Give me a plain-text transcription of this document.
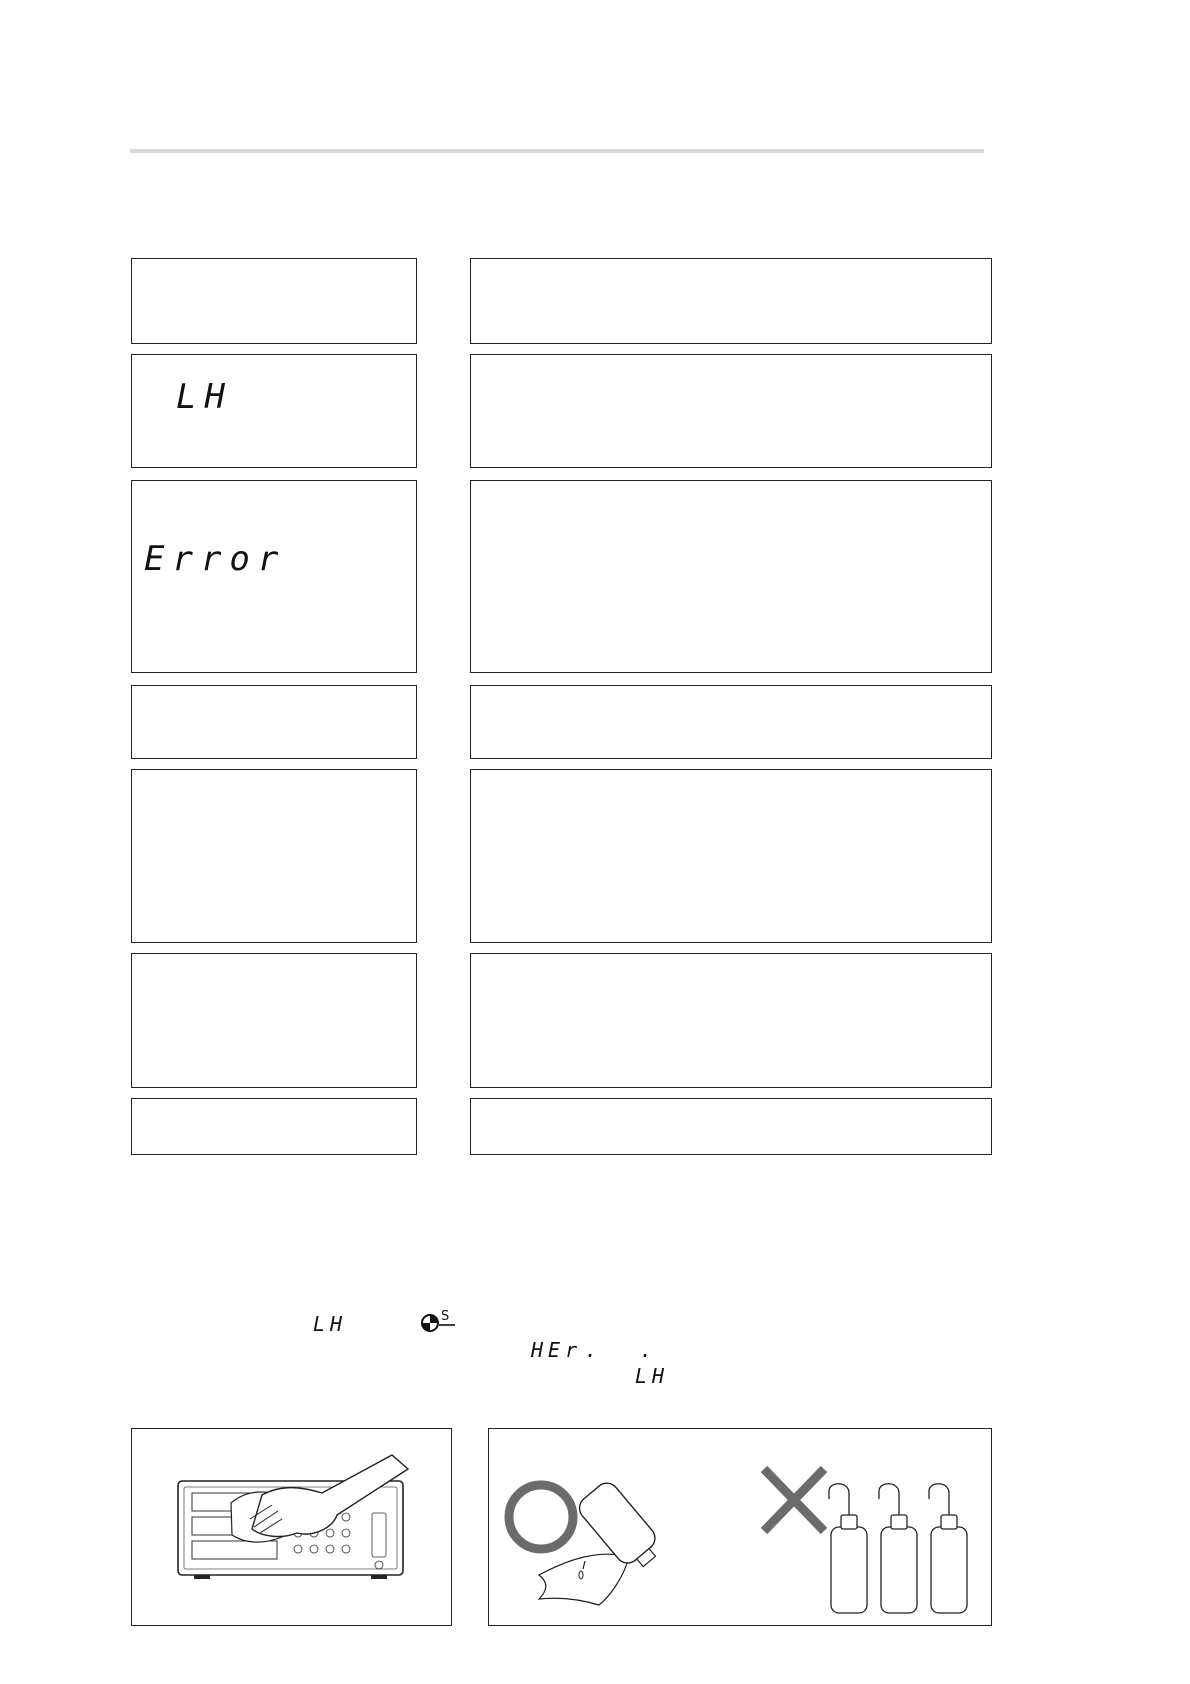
LH
Error
LH	S
HEr . .
LH
